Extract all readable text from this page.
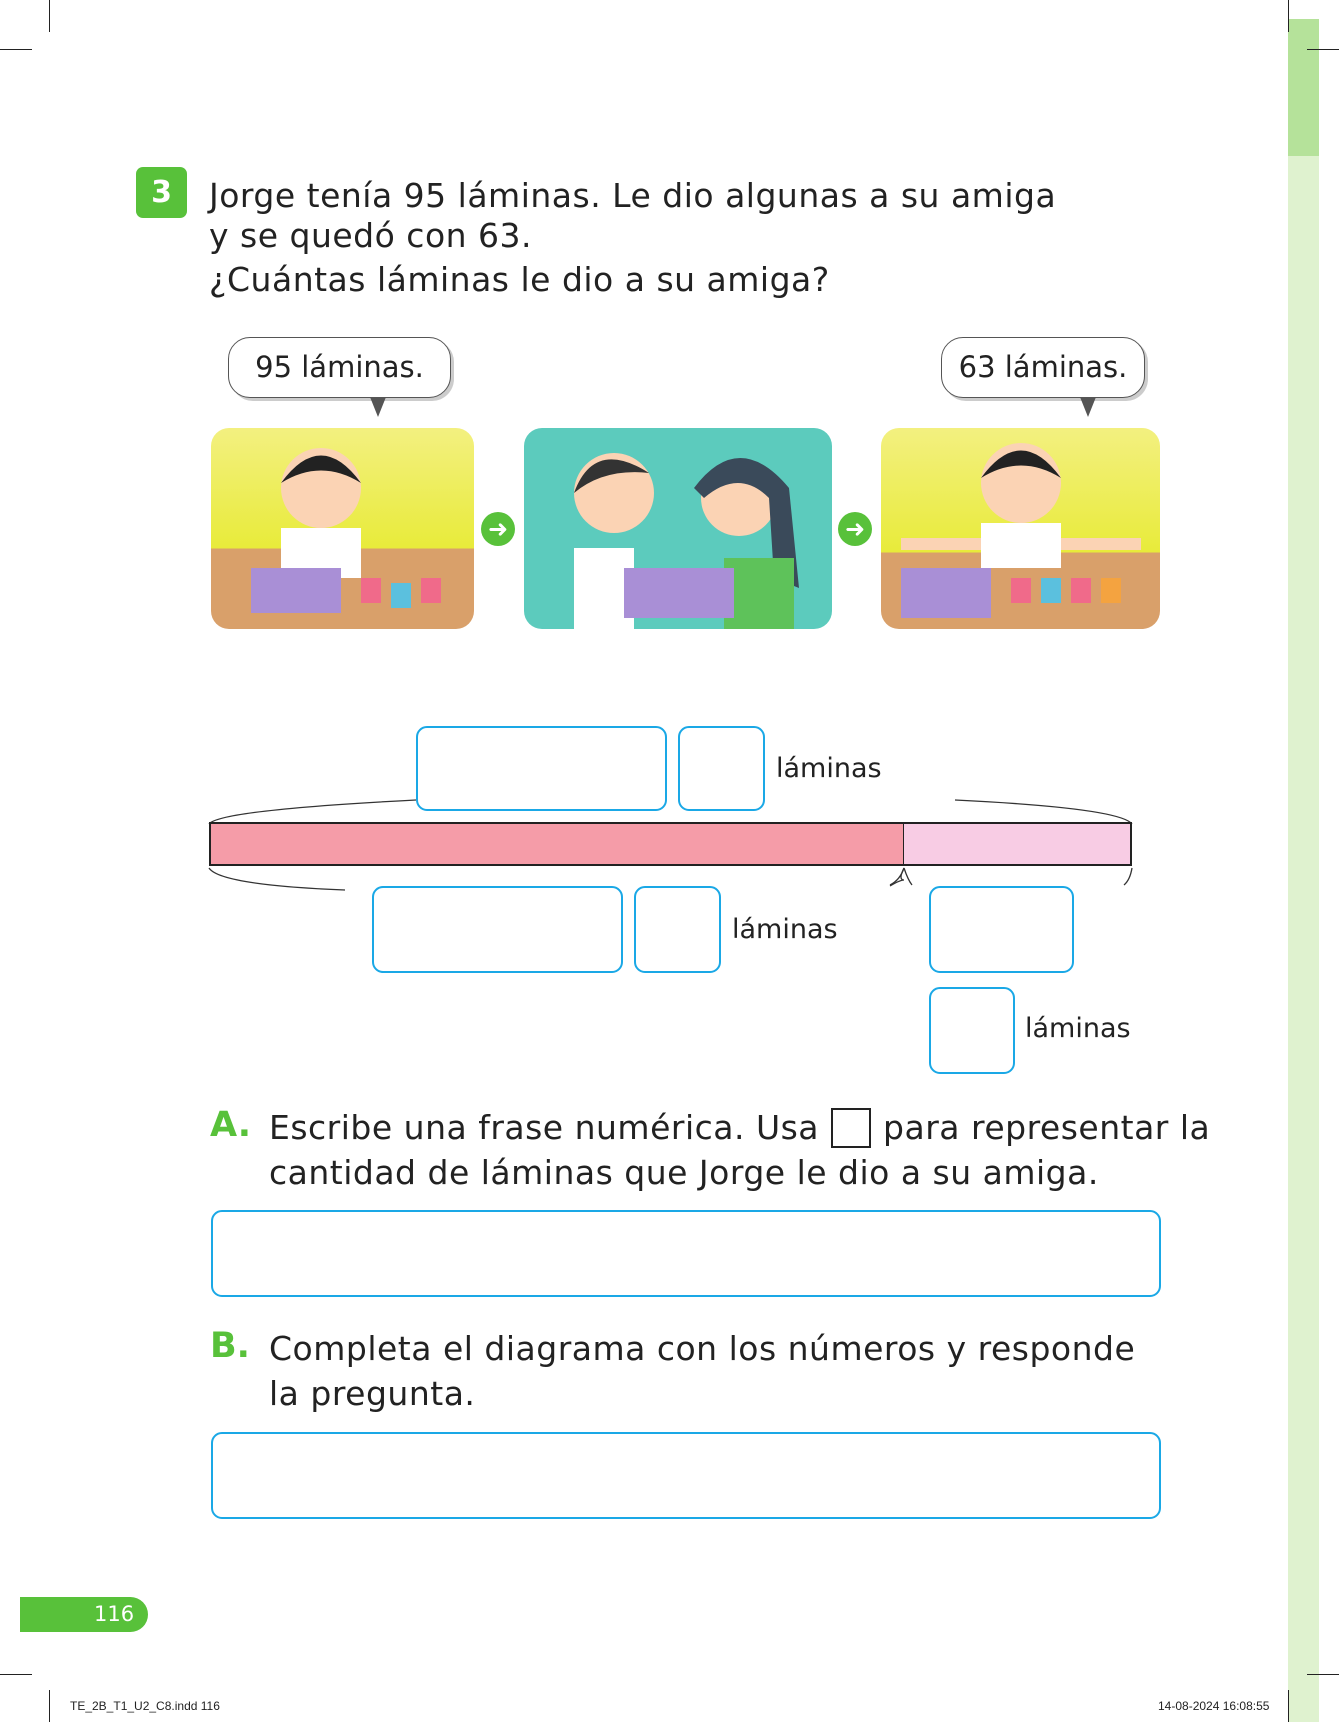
3	Jorge tenía 95 láminas. Le dio algunas a su amiga
y se quedó con 63.
¿Cuántas láminas le dio a su amiga?
95 láminas.	63 láminas.
➜	➜
láminas
láminas
láminas
A. Escribe una frase numérica. Usa para representar la
cantidad de láminas que Jorge le dio a su amiga.
B. Completa el diagrama con los números y responde
la pregunta.
116
TE_2B_T1_U2_C8.indd 116	14-08-2024 16:08:55
